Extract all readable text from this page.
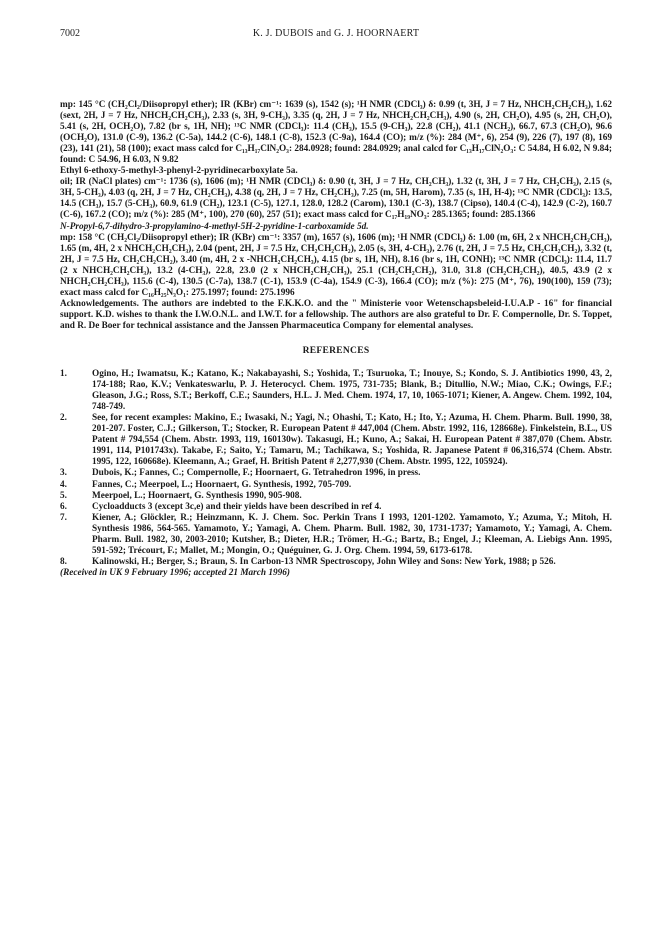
7002	K. J. DUBOIS and G. J. HOORNAERT

mp: 145 °C (CH₂Cl₂/Diisopropyl ether); IR (KBr) cm⁻¹: 1639 (s), 1542 (s); ¹H NMR (CDCl₃) δ: 0.99 (t, 3H, J = 7 Hz, NHCH₂CH₂CH₃), 1.62 (sext, 2H, J = 7 Hz, NHCH₂CH₂CH₃), 2.33 (s, 3H, 9-CH₃), 3.35 (q, 2H, J = 7 Hz, NHCH₂CH₂CH₃), 4.90 (s, 2H, CH₂O), 4.95 (s, 2H, CH₂O), 5.41 (s, 2H, OCH₂O), 7.82 (br s, 1H, NH); ¹³C NMR (CDCl₃): 11.4 (CH₃), 15.5 (9-CH₃), 22.8 (CH₂), 41.1 (NCH₂), 66.7, 67.3 (CH₂O), 96.6 (OCH₂O), 131.0 (C-9), 136.2 (C-5a), 144.2 (C-6), 148.1 (C-8), 152.3 (C-9a), 164.4 (CO); m/z (%): 284 (M⁺, 6), 254 (9), 226 (7), 197 (8), 169 (23), 141 (21), 58 (100); exact mass calcd for C₁₃H₁₇ClN₂O₃: 284.0928; found: 284.0929; anal calcd for C₁₃H₁₇ClN₂O₃: C 54.84, H 6.02, N 9.84; found: C 54.96, H 6.03, N 9.82

Ethyl 6-ethoxy-5-methyl-3-phenyl-2-pyridinecarboxylate 5a.

oil; IR (NaCl plates) cm⁻¹: 1736 (s), 1606 (m); ¹H NMR (CDCl₃) δ: 0.90 (t, 3H, J = 7 Hz, CH₂CH₃), 1.32 (t, 3H, J = 7 Hz, CH₂CH₃), 2.15 (s, 3H, 5-CH₃), 4.03 (q, 2H, J = 7 Hz, CH₂CH₃), 4.38 (q, 2H, J = 7 Hz, CH₂CH₃), 7.25 (m, 5H, Harom), 7.35 (s, 1H, H-4); ¹³C NMR (CDCl₃): 13.5, 14.5 (CH₃), 15.7 (5-CH₃), 60.9, 61.9 (CH₂), 123.1 (C-5), 127.1, 128.0, 128.2 (Carom), 130.1 (C-3), 138.7 (Cipso), 140.4 (C-4), 142.9 (C-2), 160.7 (C-6), 167.2 (CO); m/z (%): 285 (M⁺, 100), 270 (60), 257 (51); exact mass calcd for C₁₇H₁₉NO₃: 285.1365; found: 285.1366

N-Propyl-6,7-dihydro-3-propylamino-4-methyl-5H-2-pyridine-1-carboxamide 5d.

mp: 158 °C (CH₂Cl₂/Diisopropyl ether); IR (KBr) cm⁻¹: 3357 (m), 1657 (s), 1606 (m); ¹H NMR (CDCl₃) δ: 1.00 (m, 6H, 2 x NHCH₂CH₂CH₃), 1.65 (m, 4H, 2 x NHCH₂CH₂CH₃), 2.04 (pent, 2H, J = 7.5 Hz, CH₂CH₂CH₂), 2.05 (s, 3H, 4-CH₃), 2.76 (t, 2H, J = 7.5 Hz, CH₂CH₂CH₂), 3.32 (t, 2H, J = 7.5 Hz, CH₂CH₂CH₂), 3.40 (m, 4H, 2 x -NHCH₂CH₂CH₃), 4.15 (br s, 1H, NH), 8.16 (br s, 1H, CONH); ¹³C NMR (CDCl₃): 11.4, 11.7 (2 x NHCH₂CH₂CH₃), 13.2 (4-CH₃), 22.8, 23.0 (2 x NHCH₂CH₂CH₃), 25.1 (CH₂CH₂CH₂), 31.0, 31.8 (CH₂CH₂CH₂), 40.5, 43.9 (2 x NHCH₂CH₂CH₃), 115.6 (C-4), 130.5 (C-7a), 138.7 (C-1), 153.9 (C-4a), 154.9 (C-3), 166.4 (CO); m/z (%): 275 (M⁺, 76), 190(100), 159 (73); exact mass calcd for C₁₆H₂₅N₃O₁: 275.1997; found: 275.1996

Acknowledgements. The authors are indebted to the F.K.K.O. and the " Ministerie voor Wetenschapsbeleid-I.U.A.P - 16" for financial support. K.D. wishes to thank the I.W.O.N.L. and I.W.T. for a fellowship. The authors are also grateful to Dr. F. Compernolle, Dr. S. Toppet, and R. De Boer for technical assistance and the Janssen Pharmaceutica Company for elemental analyses.

REFERENCES
1.	Ogino, H.; Iwamatsu, K.; Katano, K.; Nakabayashi, S.; Yoshida, T.; Tsuruoka, T.; Inouye, S.; Kondo, S. J. Antibiotics 1990, 43, 2, 174-188; Rao, K.V.; Venkateswarlu, P. J. Heterocycl. Chem. 1975, 731-735; Blank, B.; Ditullio, N.W.; Miao, C.K.; Owings, F.F.; Gleason, J.G.; Ross, S.T.; Berkoff, C.E.; Saunders, H.L. J. Med. Chem. 1974, 17, 10, 1065-1071; Kiener, A. Angew. Chem. 1992, 104, 748-749.
2.	See, for recent examples: Makino, E.; Iwasaki, N.; Yagi, N.; Ohashi, T.; Kato, H.; Ito, Y.; Azuma, H. Chem. Pharm. Bull. 1990, 38, 201-207. Foster, C.J.; Gilkerson, T.; Stocker, R. European Patent # 447,004 (Chem. Abstr. 1992, 116, 128668e). Finkelstein, B.L., US Patent # 794,554 (Chem. Abstr. 1993, 119, 160130w). Takasugi, H.; Kuno, A.; Sakai, H. European Patent # 387,070 (Chem. Abstr. 1991, 114, P101743x). Takabe, F.; Saito, Y.; Tamaru, M.; Tachikawa, S.; Yoshida, R. Japanese Patent # 06,316,574 (Chem. Abstr. 1995, 122, 160668e). Kleemann, A.; Graef, H. British Patent # 2,277,930 (Chem. Abstr. 1995, 122, 105924).
3.	Dubois, K.; Fannes, C.; Compernolle, F.; Hoornaert, G. Tetrahedron 1996, in press.
4.	Fannes, C.; Meerpoel, L.; Hoornaert, G. Synthesis, 1992, 705-709.
5.	Meerpoel, L.; Hoornaert, G. Synthesis 1990, 905-908.
6.	Cycloadducts 3 (except 3c,e) and their yields have been described in ref 4.
7.	Kiener, A.; Glöckler, R.; Heinzmann, K. J. Chem. Soc. Perkin Trans I 1993, 1201-1202. Yamamoto, Y.; Azuma, Y.; Mitoh, H. Synthesis 1986, 564-565. Yamamoto, Y.; Yamagi, A. Chem. Pharm. Bull. 1982, 30, 1731-1737; Yamamoto, Y.; Yamagi, A. Chem. Pharm. Bull. 1982, 30, 2003-2010; Kutsher, B.; Dieter, H.R.; Trömer, H.-G.; Bartz, B.; Engel, J.; Kleeman, A. Liebigs Ann. 1995, 591-592; Trécourt, F.; Mallet, M.; Mongin, O.; Quéguiner, G. J. Org. Chem. 1994, 59, 6173-6178.
8.	Kalinowski, H.; Berger, S.; Braun, S. In Carbon-13 NMR Spectroscopy, John Wiley and Sons: New York, 1988; p 526.

(Received in UK 9 February 1996; accepted 21 March 1996)
